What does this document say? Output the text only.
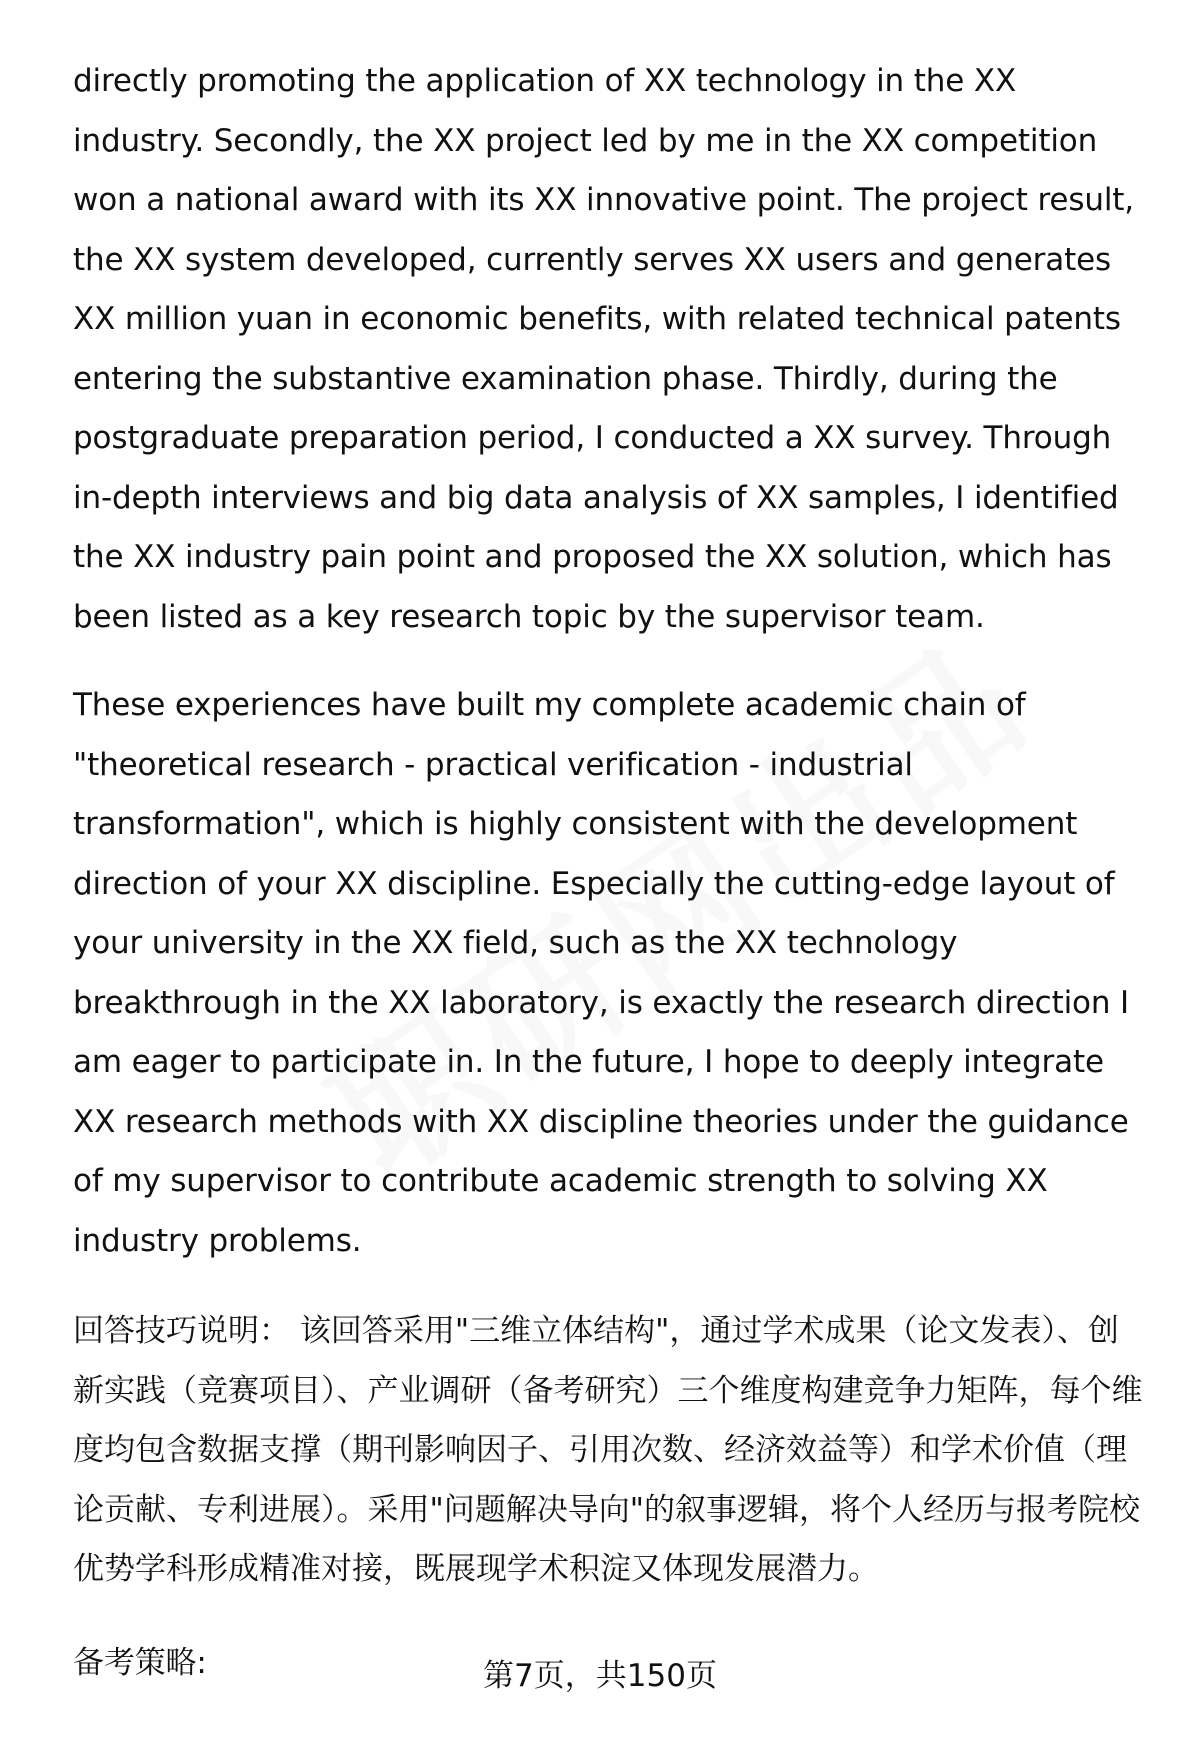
directly promoting the application of XX technology in the XX industry. Secondly, the XX project led by me in the XX competition won a national award with its XX innovative point. The project result, the XX system developed, currently serves XX users and generates XX million yuan in economic benefits, with related technical patents entering the substantive examination phase. Thirdly, during the postgraduate preparation period, I conducted a XX survey. Through in-depth interviews and big data analysis of XX samples, I identified the XX industry pain point and proposed the XX solution, which has been listed as a key research topic by the supervisor team.

These experiences have built my complete academic chain of "theoretical research - practical verification - industrial transformation", which is highly consistent with the development direction of your XX discipline. Especially the cutting-edge layout of your university in the XX field, such as the XX technology breakthrough in the XX laboratory, is exactly the research direction I am eager to participate in. In the future, I hope to deeply integrate XX research methods with XX discipline theories under the guidance of my supervisor to contribute academic strength to solving XX industry problems.

回答技巧说明： 该回答采用"三维立体结构"，通过学术成果（论文发表）、创新实践（竞赛项目）、产业调研（备考研究）三个维度构建竞争力矩阵，每个维度均包含数据支撑（期刊影响因子、引用次数、经济效益等）和学术价值（理论贡献、专利进展）。采用"问题解决导向"的叙事逻辑，将个人经历与报考院校优势学科形成精准对接，既展现学术积淀又体现发展潜力。

备考策略:	第7页，共150页
